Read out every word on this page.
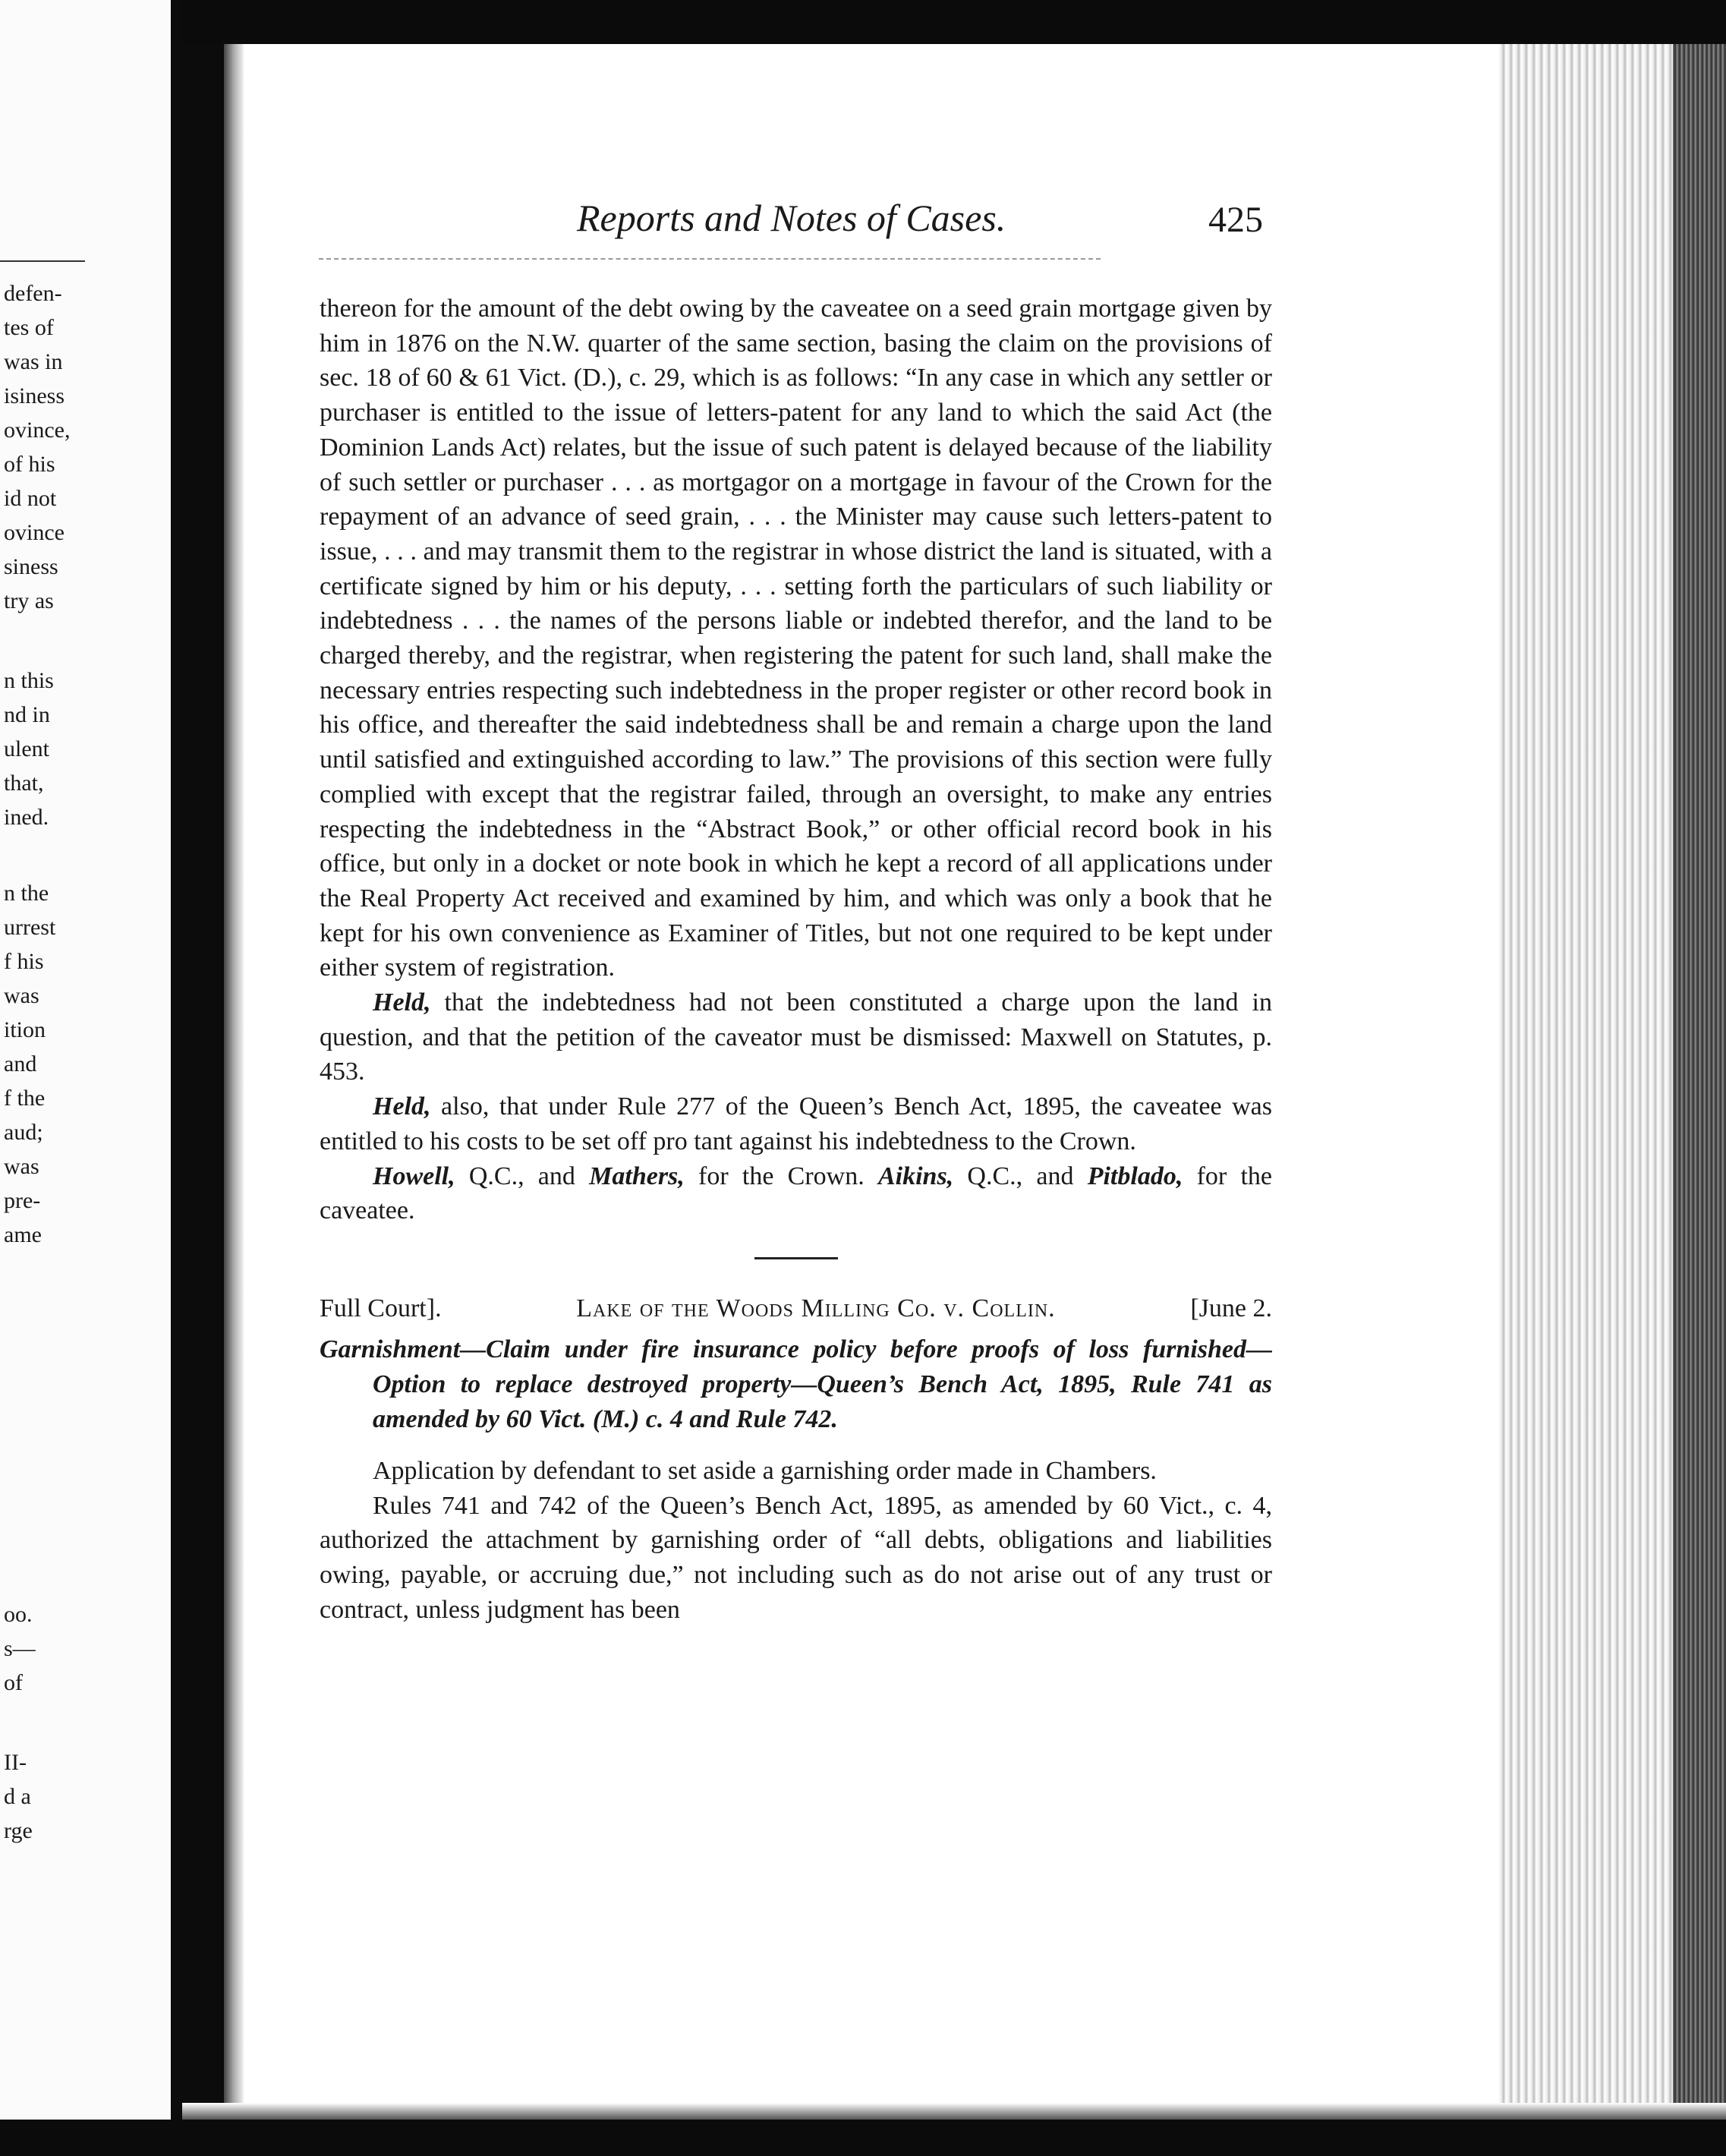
defen-
tes of
was in
isiness
ovince,
of his
id not
ovince
siness
try as
n this
nd in
ulent
that,
ined.
n the
urrest
f his
was
ition
and
f the
aud;
was
pre-
ame
oo.
s—
of
II-
d a
rge
Reports and Notes of Cases.	425

thereon for the amount of the debt owing by the caveatee on a seed grain mortgage given by him in 1876 on the N.W. quarter of the same section, basing the claim on the provisions of sec. 18 of 60 & 61 Vict. (D.), c. 29, which is as follows: “In any case in which any settler or purchaser is entitled to the issue of letters-patent for any land to which the said Act (the Dominion Lands Act) relates, but the issue of such patent is delayed because of the liability of such settler or purchaser . . . as mortgagor on a mortgage in favour of the Crown for the repayment of an advance of seed grain, . . . the Minister may cause such letters-patent to issue, . . . and may transmit them to the registrar in whose district the land is situated, with a certificate signed by him or his deputy, . . . setting forth the particulars of such liability or indebtedness . . . the names of the persons liable or indebted therefor, and the land to be charged thereby, and the registrar, when registering the patent for such land, shall make the necessary entries respecting such indebtedness in the proper register or other record book in his office, and thereafter the said indebtedness shall be and remain a charge upon the land until satisfied and extinguished according to law.” The provisions of this section were fully complied with except that the registrar failed, through an oversight, to make any entries respecting the indebtedness in the “Abstract Book,” or other official record book in his office, but only in a docket or note book in which he kept a record of all applications under the Real Property Act received and examined by him, and which was only a book that he kept for his own convenience as Examiner of Titles, but not one required to be kept under either system of registration.

Held, that the indebtedness had not been constituted a charge upon the land in question, and that the petition of the caveator must be dismissed: Maxwell on Statutes, p. 453.

Held, also, that under Rule 277 of the Queen’s Bench Act, 1895, the caveatee was entitled to his costs to be set off pro tant against his indebtedness to the Crown.

Howell, Q.C., and Mathers, for the Crown. Aikins, Q.C., and Pitblado, for the caveatee.

Full Court].	Lake of the Woods Milling Co. v. Collin.	[June 2.

Garnishment—Claim under fire insurance policy before proofs of loss furnished—Option to replace destroyed property—Queen’s Bench Act, 1895, Rule 741 as amended by 60 Vict. (M.) c. 4 and Rule 742.

Application by defendant to set aside a garnishing order made in Chambers.

Rules 741 and 742 of the Queen’s Bench Act, 1895, as amended by 60 Vict., c. 4, authorized the attachment by garnishing order of “all debts, obligations and liabilities owing, payable, or accruing due,” not including such as do not arise out of any trust or contract, unless judgment has been
